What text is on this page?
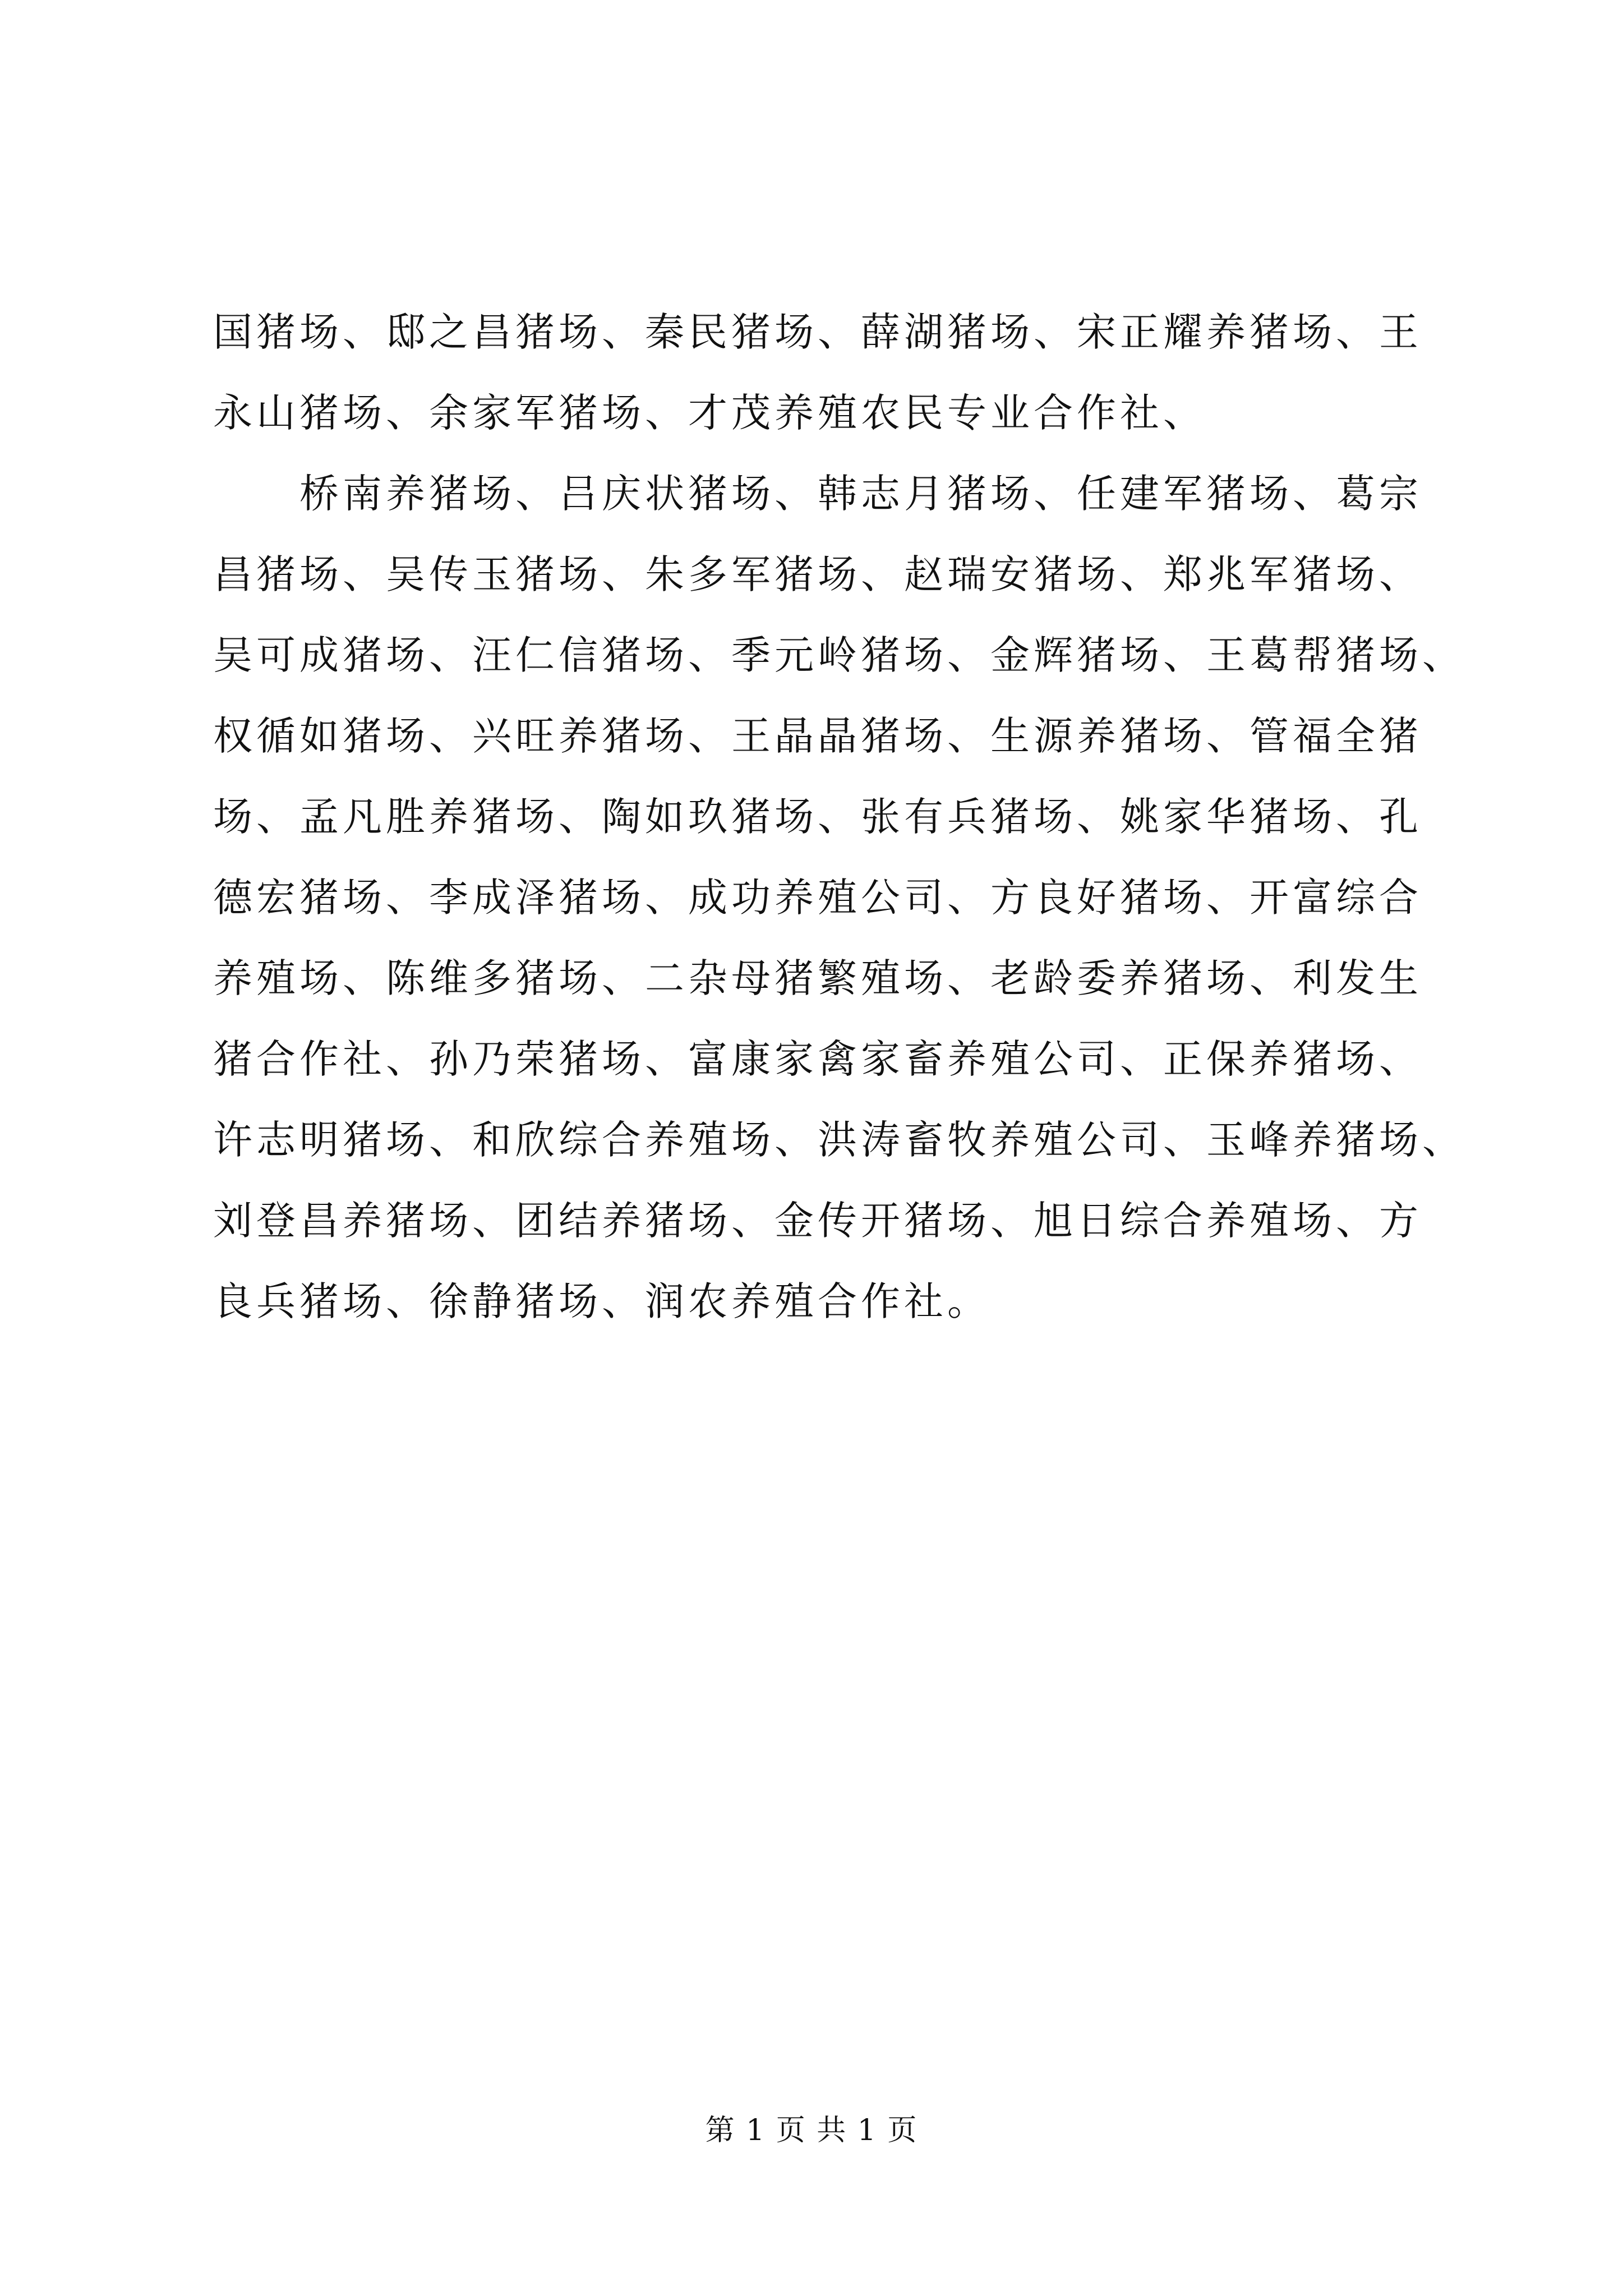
国猪场、邸之昌猪场、秦民猪场、薛湖猪场、宋正耀养猪场、王
永山猪场、余家军猪场、才茂养殖农民专业合作社、
　　桥南养猪场、吕庆状猪场、韩志月猪场、任建军猪场、葛宗
昌猪场、吴传玉猪场、朱多军猪场、赵瑞安猪场、郑兆军猪场、
吴可成猪场、汪仁信猪场、季元岭猪场、金辉猪场、王葛帮猪场、
权循如猪场、兴旺养猪场、王晶晶猪场、生源养猪场、管福全猪
场、孟凡胜养猪场、陶如玖猪场、张有兵猪场、姚家华猪场、孔
德宏猪场、李成泽猪场、成功养殖公司、方良好猪场、开富综合
养殖场、陈维多猪场、二杂母猪繁殖场、老龄委养猪场、利发生
猪合作社、孙乃荣猪场、富康家禽家畜养殖公司、正保养猪场、
许志明猪场、和欣综合养殖场、洪涛畜牧养殖公司、玉峰养猪场、
刘登昌养猪场、团结养猪场、金传开猪场、旭日综合养殖场、方
良兵猪场、徐静猪场、润农养殖合作社。
第 1 页 共 1 页
